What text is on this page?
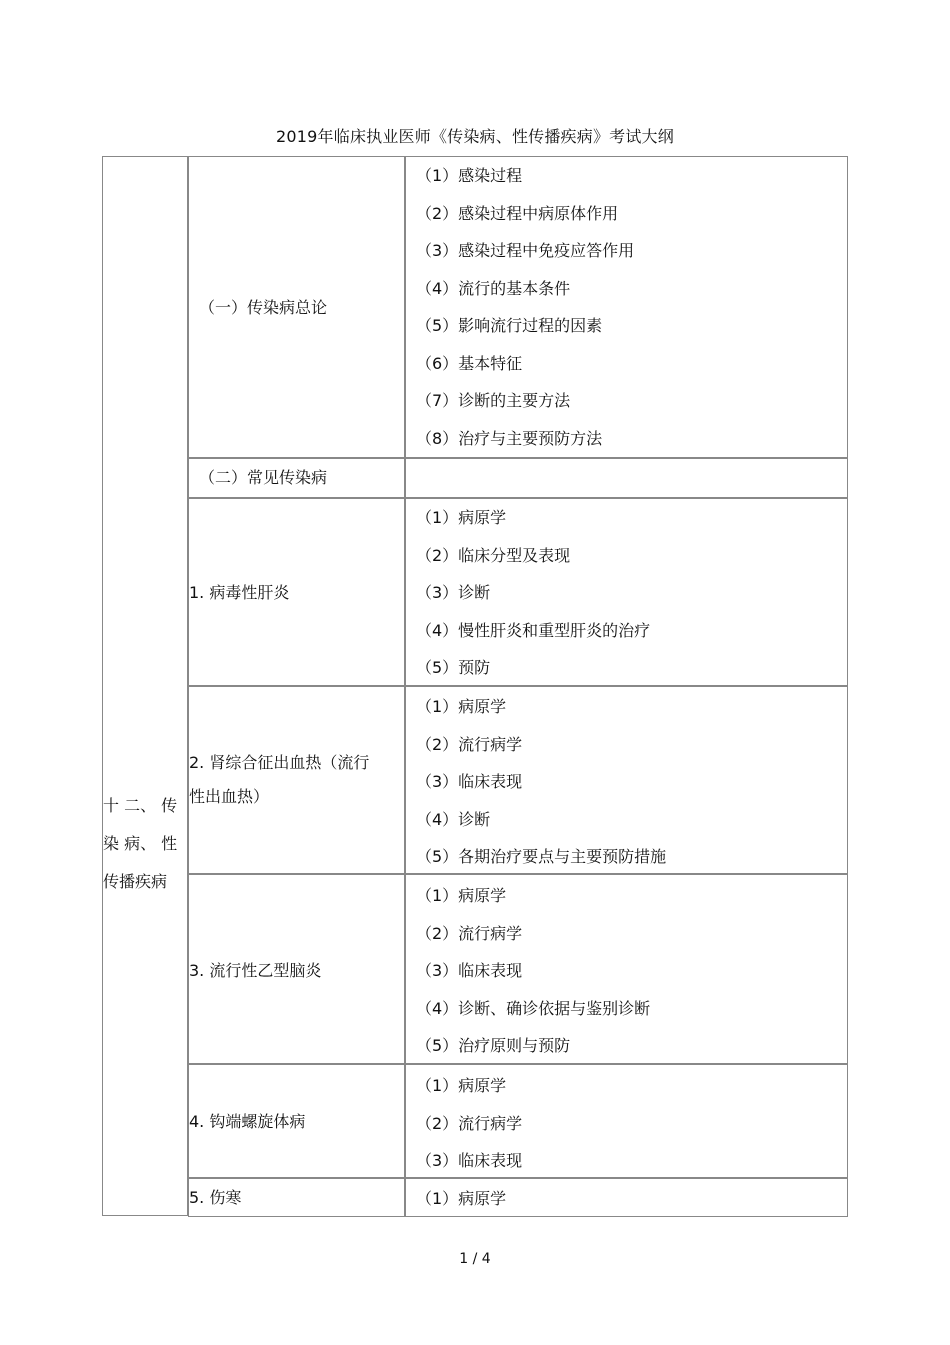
2019年临床执业医师《传染病、性传播疾病》考试大纲
十 二、 传
染 病、 性
传播疾病
（一）传染病总论
（1）感染过程
（2）感染过程中病原体作用
（3）感染过程中免疫应答作用
（4）流行的基本条件
（5）影响流行过程的因素
（6）基本特征
（7）诊断的主要方法
（8）治疗与主要预防方法
（二）常见传染病
1. 病毒性肝炎
（1）病原学
（2）临床分型及表现
（3）诊断
（4）慢性肝炎和重型肝炎的治疗
（5）预防
2. 肾综合征出血热（流行
性出血热）
（1）病原学
（2）流行病学
（3）临床表现
（4）诊断
（5）各期治疗要点与主要预防措施
3. 流行性乙型脑炎
（1）病原学
（2）流行病学
（3）临床表现
（4）诊断、确诊依据与鉴别诊断
（5）治疗原则与预防
4. 钩端螺旋体病
（1）病原学
（2）流行病学
（3）临床表现
5. 伤寒	（1）病原学
1 / 4
